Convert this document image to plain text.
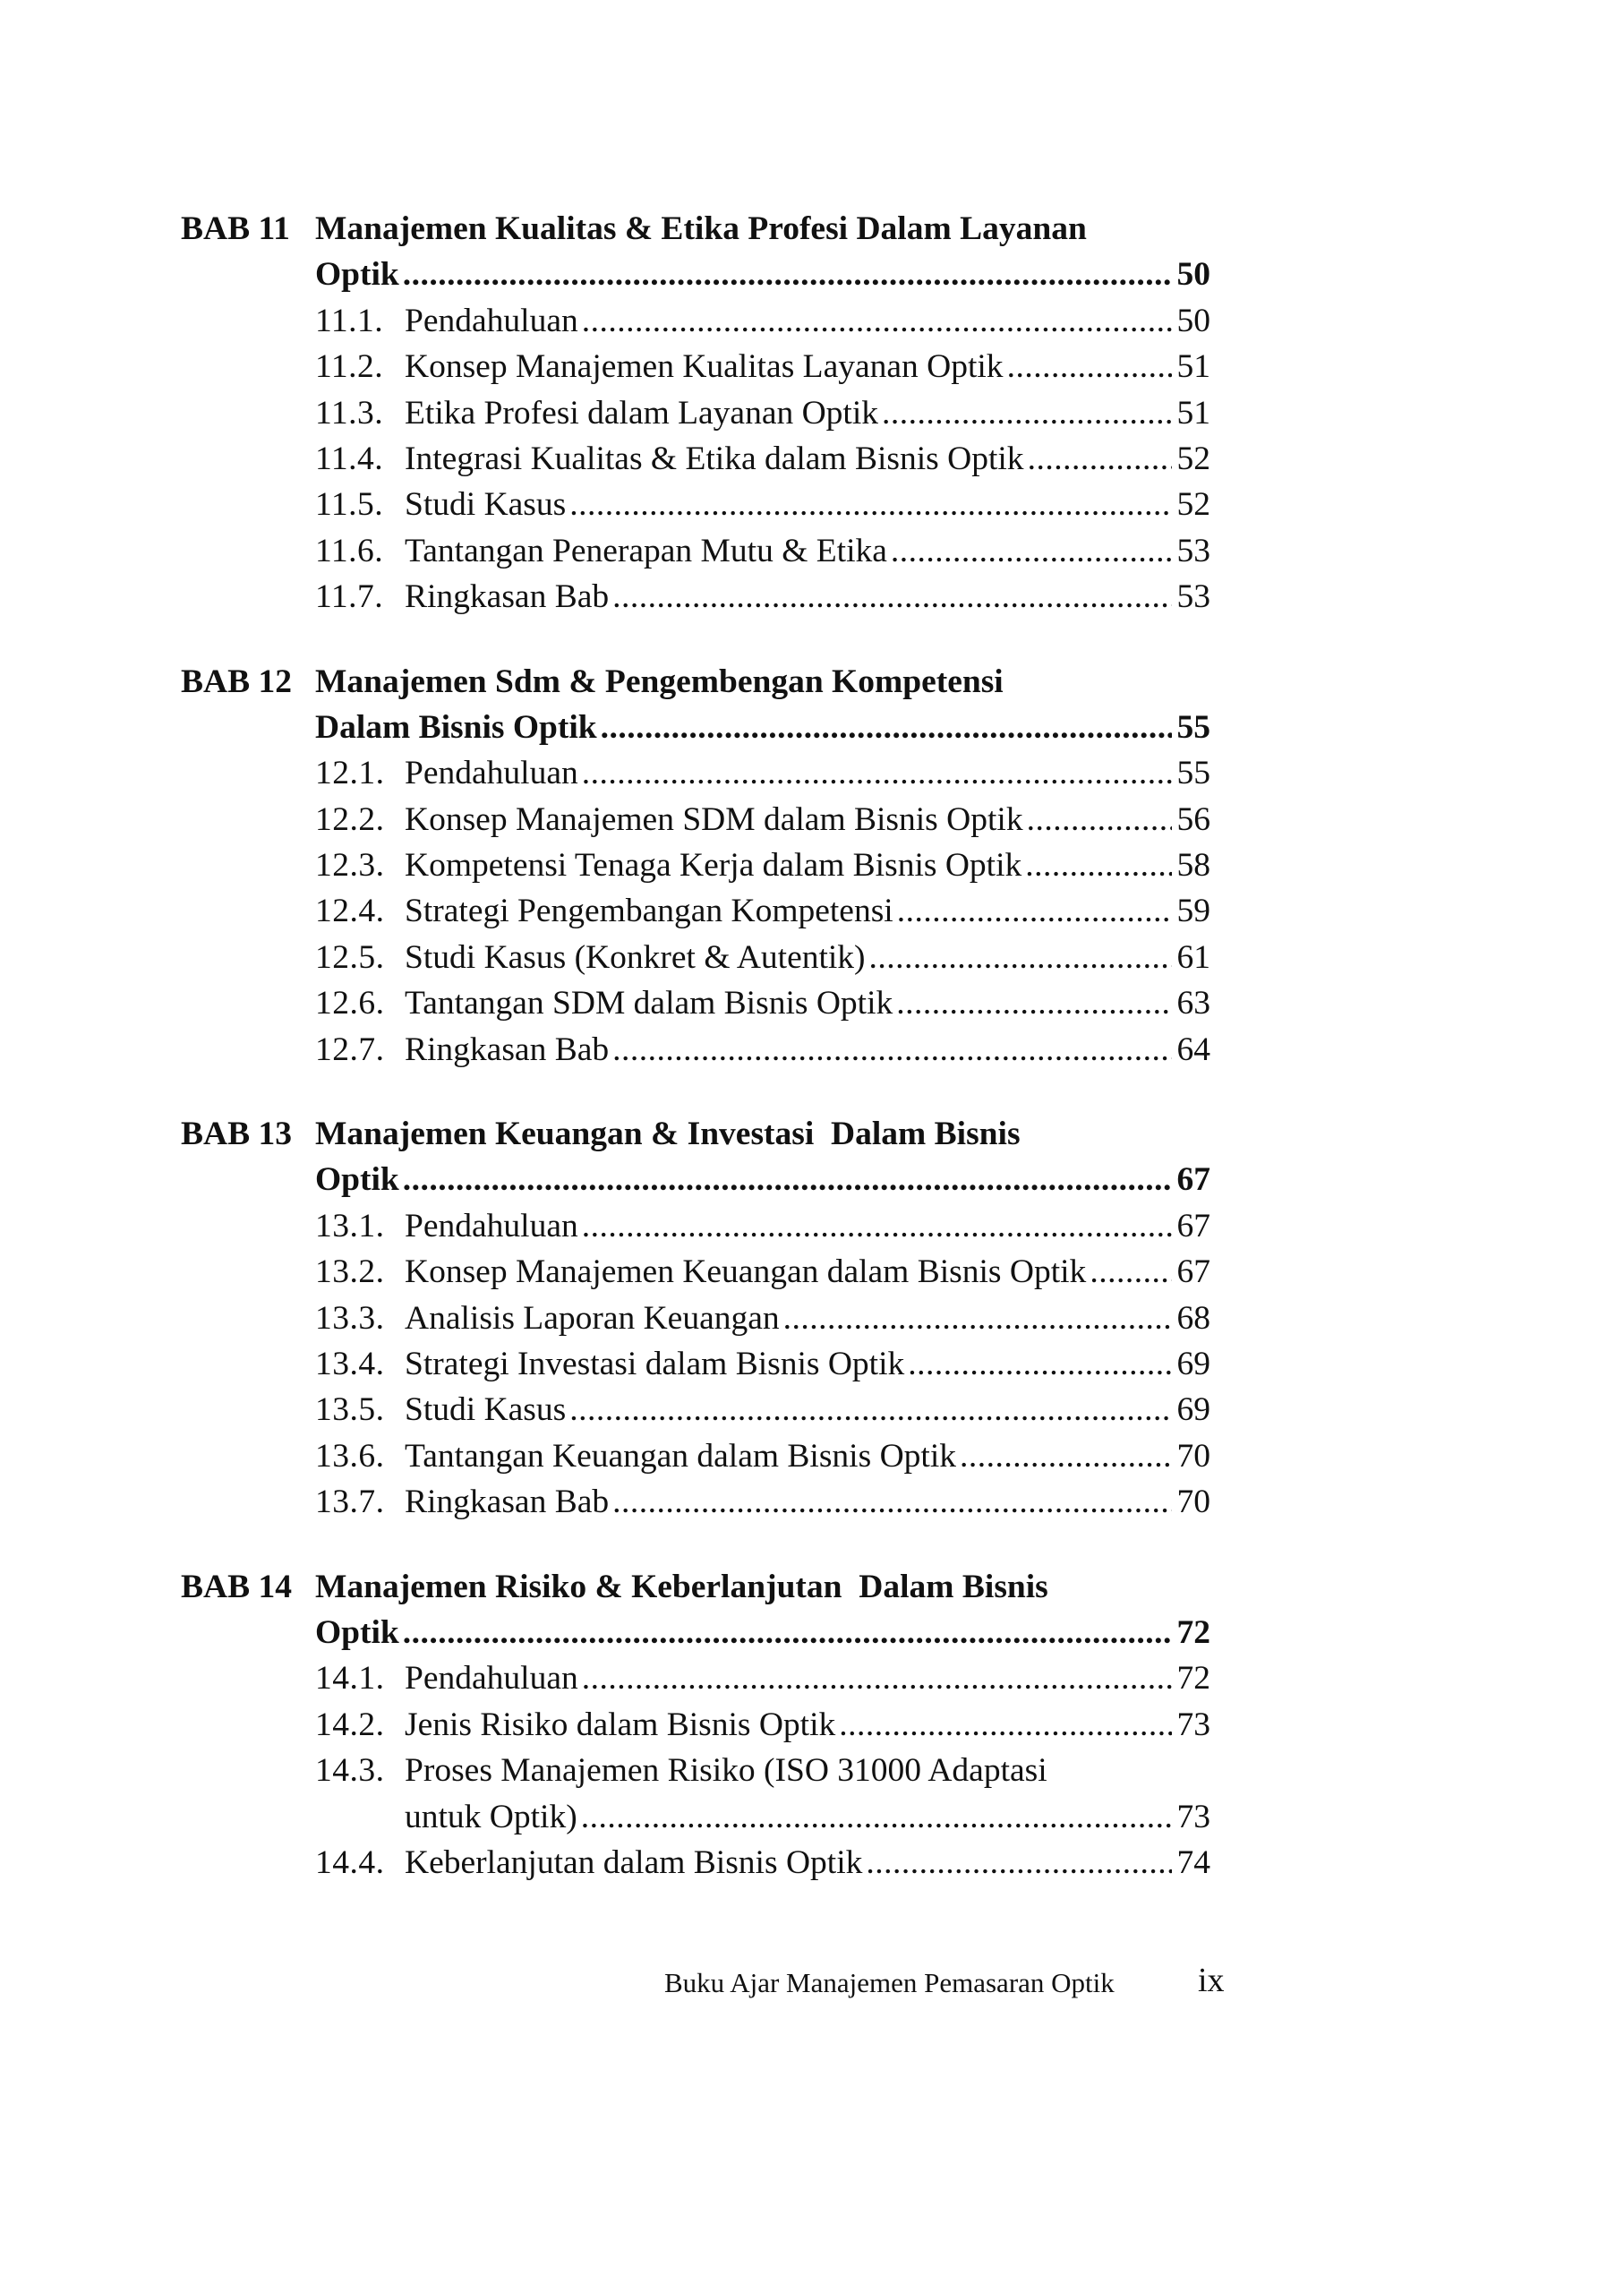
BAB 11 Manajemen Kualitas & Etika Profesi Dalam Layanan
Optik .....	50
11.1. Pendahuluan .....	50
11.2. Konsep Manajemen Kualitas Layanan Optik .....	51
11.3. Etika Profesi dalam Layanan Optik .....	51
11.4. Integrasi Kualitas & Etika dalam Bisnis Optik .....	52
11.5. Studi Kasus .....	52
11.6. Tantangan Penerapan Mutu & Etika .....	53
11.7. Ringkasan Bab .....	53
BAB 12 Manajemen Sdm & Pengembengan Kompetensi
Dalam Bisnis Optik .....	55
12.1. Pendahuluan .....	55
12.2. Konsep Manajemen SDM dalam Bisnis Optik .....	56
12.3. Kompetensi Tenaga Kerja dalam Bisnis Optik .....	58
12.4. Strategi Pengembangan Kompetensi .....	59
12.5. Studi Kasus (Konkret & Autentik) .....	61
12.6. Tantangan SDM dalam Bisnis Optik .....	63
12.7. Ringkasan Bab .....	64
BAB 13 Manajemen Keuangan & Investasi  Dalam Bisnis
Optik .....	67
13.1. Pendahuluan .....	67
13.2. Konsep Manajemen Keuangan dalam Bisnis Optik .....	67
13.3. Analisis Laporan Keuangan .....	68
13.4. Strategi Investasi dalam Bisnis Optik .....	69
13.5. Studi Kasus .....	69
13.6. Tantangan Keuangan dalam Bisnis Optik .....	70
13.7. Ringkasan Bab .....	70
BAB 14 Manajemen Risiko & Keberlanjutan  Dalam Bisnis
Optik .....	72
14.1. Pendahuluan .....	72
14.2. Jenis Risiko dalam Bisnis Optik .....	73
14.3. Proses Manajemen Risiko (ISO 31000 Adaptasi
untuk Optik) .....	73
14.4. Keberlanjutan dalam Bisnis Optik .....	74
Buku Ajar Manajemen Pemasaran Optik ix
